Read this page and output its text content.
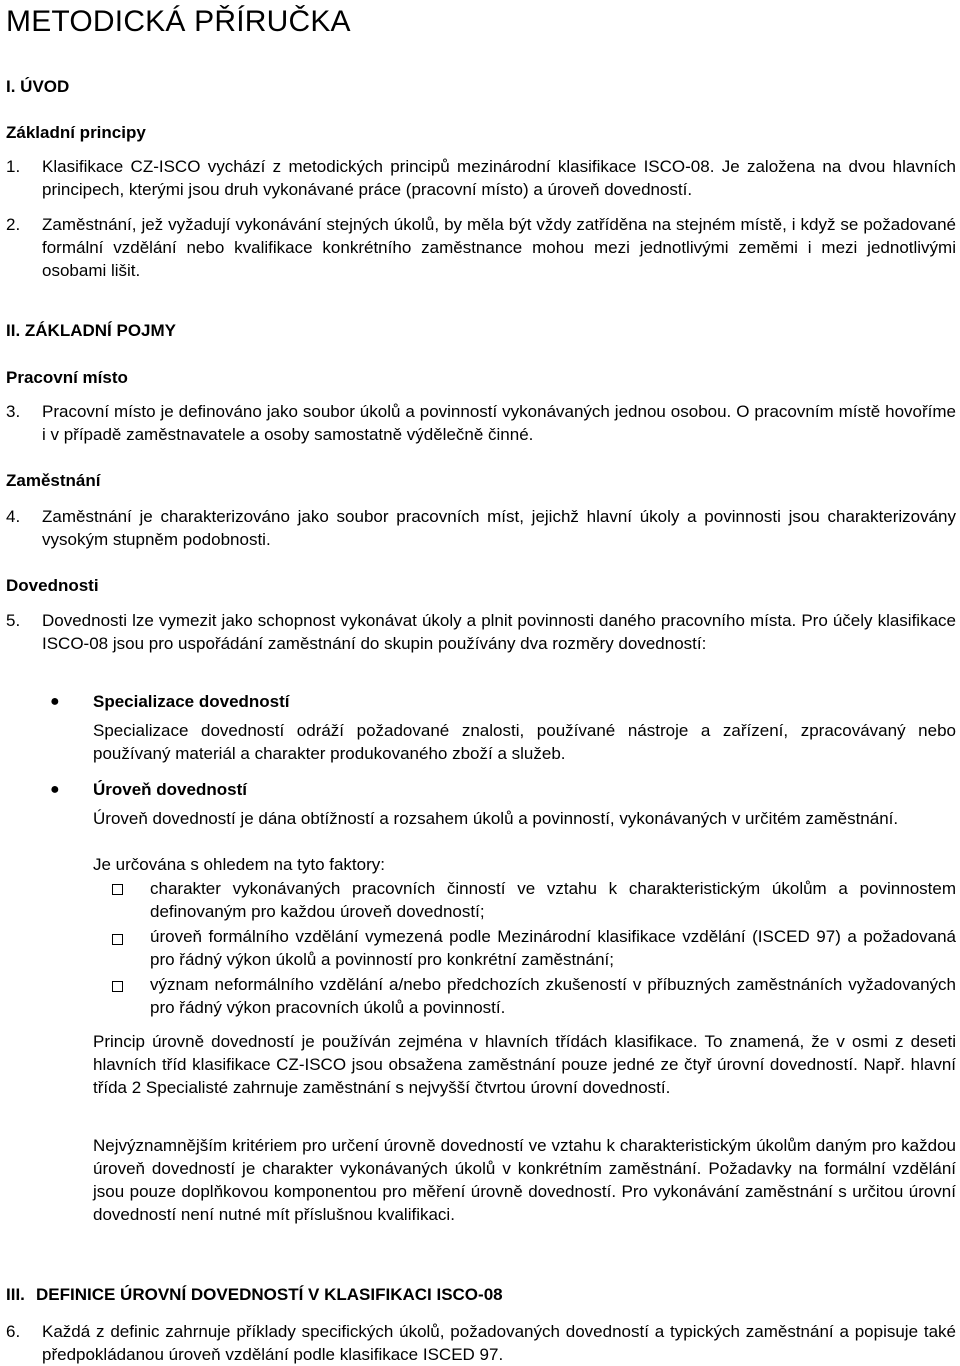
METODICKÁ PŘÍRUČKA
I. ÚVOD
Základní principy
1. Klasifikace CZ-ISCO vychází z metodických principů mezinárodní klasifikace ISCO-08. Je založena na dvou hlavních principech, kterými jsou druh vykonávané práce (pracovní místo) a úroveň dovedností.

2. Zaměstnání, jež vyžadují vykonávání stejných úkolů, by měla být vždy zatříděna na stejném místě, i když se požadované formální vzdělání nebo kvalifikace konkrétního zaměstnance mohou mezi jednotlivými zeměmi i mezi jednotlivými osobami lišit.

II. ZÁKLADNÍ POJMY
Pracovní místo
3. Pracovní místo je definováno jako soubor úkolů a povinností vykonávaných jednou osobou. O pracovním místě hovoříme i v případě zaměstnavatele a osoby samostatně výdělečně činné.

Zaměstnání
4. Zaměstnání je charakterizováno jako soubor pracovních míst, jejichž hlavní úkoly a povinnosti jsou charakterizovány vysokým stupněm podobnosti.

Dovednosti
5. Dovednosti lze vymezit jako schopnost vykonávat úkoly a plnit povinnosti daného pracovního místa. Pro účely klasifikace ISCO-08 jsou pro uspořádání zaměstnání do skupin používány dva rozměry dovedností:

● Specializace dovedností

Specializace dovedností odráží požadované znalosti, používané nástroje a zařízení, zpracovávaný nebo používaný materiál a charakter produkovaného zboží a služeb.

● Úroveň dovedností

Úroveň dovedností je dána obtížností a rozsahem úkolů a povinností, vykonávaných v určitém zaměstnání.

Je určována s ohledem na tyto faktory:

charakter vykonávaných pracovních činností ve vztahu k charakteristickým úkolům a povinnostem definovaným pro každou úroveň dovedností;

úroveň formálního vzdělání vymezená podle Mezinárodní klasifikace vzdělání (ISCED 97) a požadovaná pro řádný výkon úkolů a povinností pro konkrétní zaměstnání;

význam neformálního vzdělání a/nebo předchozích zkušeností v příbuzných zaměstnáních vyžadovaných pro řádný výkon pracovních úkolů a povinností.

Princip úrovně dovedností je používán zejména v hlavních třídách klasifikace. To znamená, že v osmi z deseti hlavních tříd klasifikace CZ-ISCO jsou obsažena zaměstnání pouze jedné ze čtyř úrovní dovedností. Např. hlavní třída 2 Specialisté zahrnuje zaměstnání s nejvyšší čtvrtou úrovní dovedností.

Nejvýznamnějším kritériem pro určení úrovně dovedností ve vztahu k charakteristickým úkolům daným pro každou úroveň dovedností je charakter vykonávaných úkolů v konkrétním zaměstnání. Požadavky na formální vzdělání jsou pouze doplňkovou komponentou pro měření úrovně dovedností. Pro vykonávání zaměstnání s určitou úrovní dovedností není nutné mít příslušnou kvalifikaci.

III. DEFINICE ÚROVNÍ DOVEDNOSTÍ V KLASIFIKACI ISCO-08
6. Každá z definic zahrnuje příklady specifických úkolů, požadovaných dovedností a typických zaměstnání a popisuje také předpokládanou úroveň vzdělání podle klasifikace ISCED 97.
